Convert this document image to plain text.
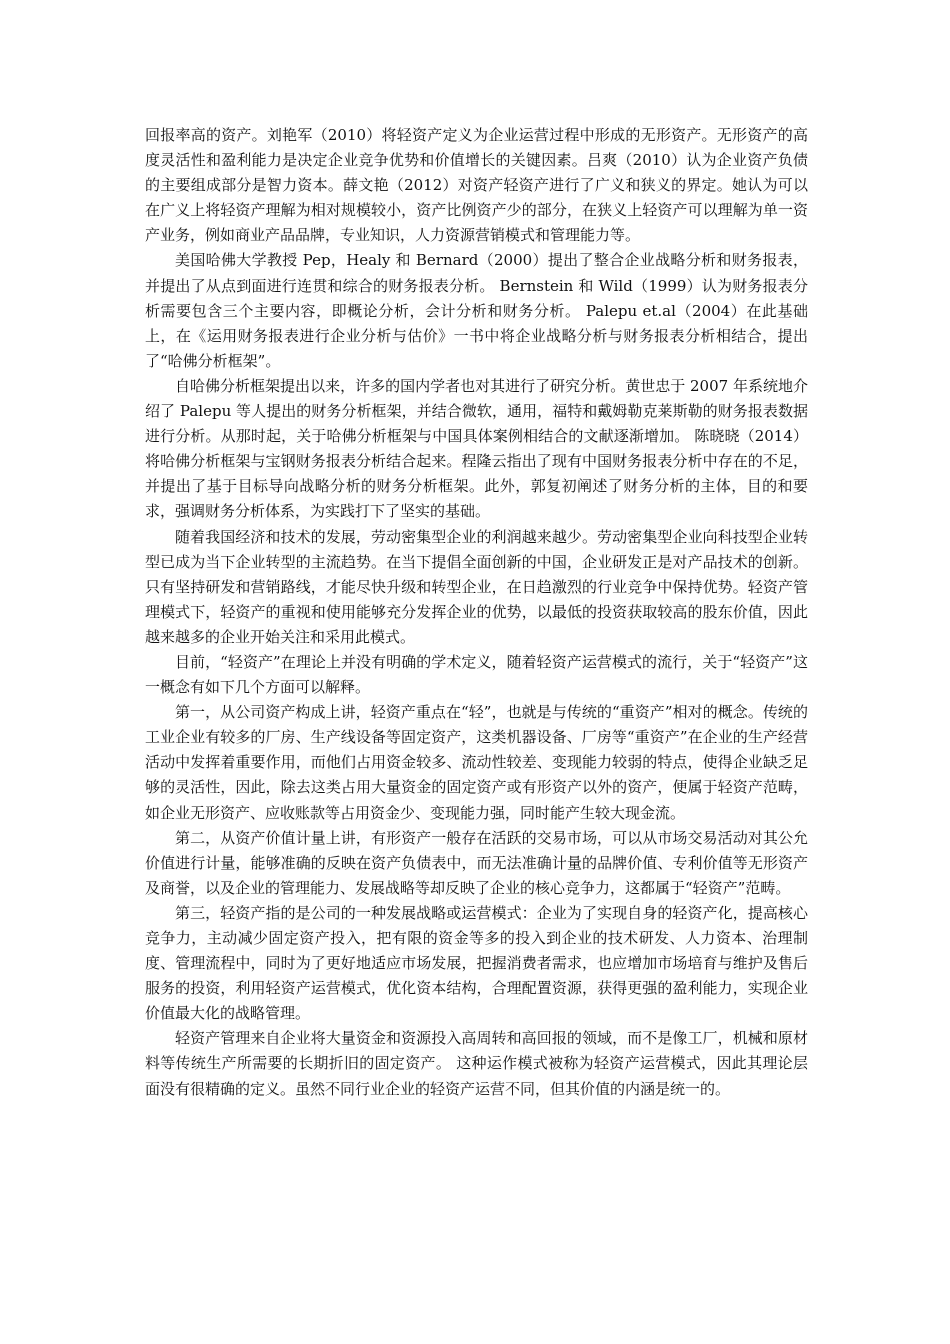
回报率高的资产。刘艳军（2010）将轻资产定义为企业运营过程中形成的无形资产。无形资产的高度灵活性和盈利能力是决定企业竞争优势和价值增长的关键因素。吕爽（2010）认为企业资产负债的主要组成部分是智力资本。薛文艳（2012）对资产轻资产进行了广义和狭义的界定。她认为可以在广义上将轻资产理解为相对规模较小，资产比例资产少的部分，在狭义上轻资产可以理解为单一资产业务，例如商业产品品牌，专业知识，人力资源营销模式和管理能力等。

美国哈佛大学教授 Pep，Healy 和 Bernard（2000）提出了整合企业战略分析和财务报表，并提出了从点到面进行连贯和综合的财务报表分析。 Bernstein 和 Wild（1999）认为财务报表分析需要包含三个主要内容，即概论分析，会计分析和财务分析。 Palepu et.al（2004）在此基础上，在《运用财务报表进行企业分析与估价》一书中将企业战略分析与财务报表分析相结合，提出了“哈佛分析框架”。

自哈佛分析框架提出以来，许多的国内学者也对其进行了研究分析。黄世忠于 2007 年系统地介绍了 Palepu 等人提出的财务分析框架，并结合微软，通用，福特和戴姆勒克莱斯勒的财务报表数据进行分析。从那时起，关于哈佛分析框架与中国具体案例相结合的文献逐渐增加。 陈晓晓（2014）将哈佛分析框架与宝钢财务报表分析结合起来。程隆云指出了现有中国财务报表分析中存在的不足，并提出了基于目标导向战略分析的财务分析框架。此外，郭复初阐述了财务分析的主体，目的和要求，强调财务分析体系，为实践打下了坚实的基础。

随着我国经济和技术的发展，劳动密集型企业的利润越来越少。劳动密集型企业向科技型企业转型已成为当下企业转型的主流趋势。在当下提倡全面创新的中国，企业研发正是对产品技术的创新。 只有坚持研发和营销路线，才能尽快升级和转型企业，在日趋激烈的行业竞争中保持优势。轻资产管理模式下，轻资产的重视和使用能够充分发挥企业的优势，以最低的投资获取较高的股东价值，因此越来越多的企业开始关注和采用此模式。

目前，“轻资产”在理论上并没有明确的学术定义，随着轻资产运营模式的流行，关于“轻资产”这一概念有如下几个方面可以解释。

第一，从公司资产构成上讲，轻资产重点在“轻”，也就是与传统的“重资产”相对的概念。传统的工业企业有较多的厂房、生产线设备等固定资产，这类机器设备、厂房等“重资产”在企业的生产经营活动中发挥着重要作用，而他们占用资金较多、流动性较差、变现能力较弱的特点，使得企业缺乏足够的灵活性，因此，除去这类占用大量资金的固定资产或有形资产以外的资产，便属于轻资产范畴，如企业无形资产、应收账款等占用资金少、变现能力强，同时能产生较大现金流。

第二，从资产价值计量上讲，有形资产一般存在活跃的交易市场，可以从市场交易活动对其公允价值进行计量，能够准确的反映在资产负债表中，而无法准确计量的品牌价值、专利价值等无形资产及商誉，以及企业的管理能力、发展战略等却反映了企业的核心竞争力，这都属于“轻资产”范畴。

第三，轻资产指的是公司的一种发展战略或运营模式：企业为了实现自身的轻资产化，提高核心竞争力，主动减少固定资产投入，把有限的资金等多的投入到企业的技术研发、人力资本、治理制度、管理流程中，同时为了更好地适应市场发展，把握消费者需求，也应增加市场培育与维护及售后服务的投资，利用轻资产运营模式，优化资本结构，合理配置资源，获得更强的盈利能力，实现企业价值最大化的战略管理。

轻资产管理来自企业将大量资金和资源投入高周转和高回报的领域，而不是像工厂，机械和原材料等传统生产所需要的长期折旧的固定资产。 这种运作模式被称为轻资产运营模式，因此其理论层面没有很精确的定义。虽然不同行业企业的轻资产运营不同，但其价值的内涵是统一的。
